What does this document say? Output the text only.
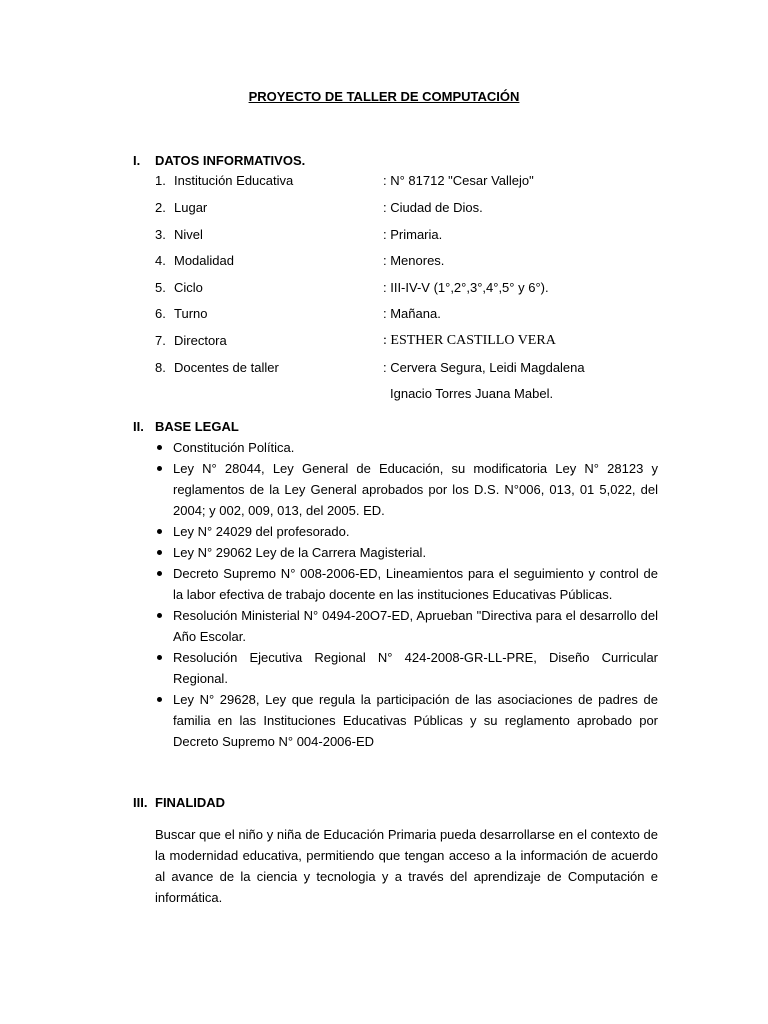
PROYECTO DE TALLER DE COMPUTACIÓN
I. DATOS INFORMATIVOS.
1. Institución Educativa	: N° 81712 "Cesar Vallejo"
2. Lugar	: Ciudad de Dios.
3. Nivel	: Primaria.
4. Modalidad	: Menores.
5. Ciclo	: III-IV-V (1°,2°,3°,4°,5° y 6°).
6. Turno	: Mañana.
7. Directora	: ESTHER CASTILLO VERA
8. Docentes de taller	: Cervera Segura, Leidi Magdalena
Ignacio Torres Juana Mabel.
II. BASE LEGAL
Constitución Política.
Ley N° 28044, Ley General de Educación, su modificatoria Ley N° 28123 y reglamentos de la Ley General aprobados por los D.S. N°006, 013, 01 5,022, del 2004; y 002, 009, 013, del 2005. ED.
Ley N° 24029 del profesorado.
Ley N° 29062 Ley de la Carrera Magisterial.
Decreto Supremo N° 008-2006-ED, Lineamientos para el seguimiento y control de la labor efectiva de trabajo docente en las instituciones Educativas Públicas.
Resolución Ministerial N° 0494-20O7-ED, Aprueban "Directiva para el desarrollo del Año Escolar.
Resolución Ejecutiva Regional N° 424-2008-GR-LL-PRE, Diseño Curricular Regional.
Ley N° 29628, Ley que regula la participación de las asociaciones de padres de familia en las Instituciones Educativas Públicas y su reglamento aprobado por Decreto Supremo N° 004-2006-ED
III. FINALIDAD

Buscar que el niño y niña de Educación Primaria pueda desarrollarse en el contexto de la modernidad educativa, permitiendo que tengan acceso a la información de acuerdo al avance de la ciencia y tecnologia y a través del aprendizaje de Computación e informática.
